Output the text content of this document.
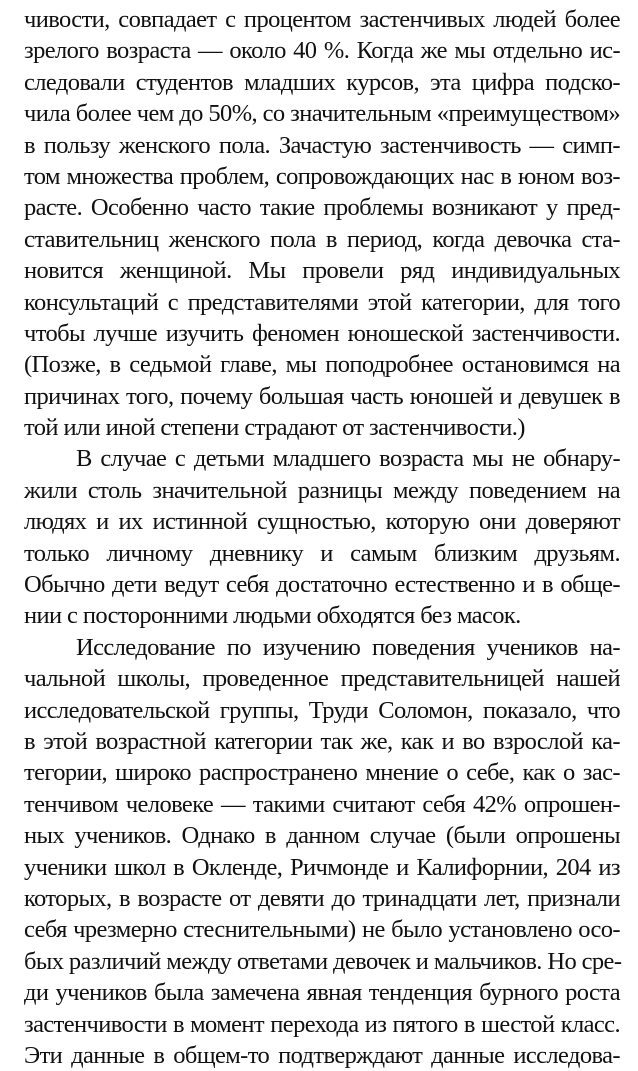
чивости, совпадает с процентом застенчивых людей более
зрелого возраста — около 40 %. Когда же мы отдельно ис-
следовали студентов младших курсов, эта цифра подско-
чила более чем до 50%, со значительным «преимуществом»
в пользу женского пола. Зачастую застенчивость — симп-
том множества проблем, сопровождающих нас в юном воз-
расте. Особенно часто такие проблемы возникают у пред-
ставительниц женского пола в период, когда девочка ста-
новится женщиной. Мы провели ряд индивидуальных
консультаций с представителями этой категории, для того
чтобы лучше изучить феномен юношеской застенчивости.
(Позже, в седьмой главе, мы поподробнее остановимся на
причинах того, почему большая часть юношей и девушек в
той или иной степени страдают от застенчивости.)
В случае с детьми младшего возраста мы не обнару-
жили столь значительной разницы между поведением на
людях и их истинной сущностью, которую они доверяют
только личному дневнику и самым близким друзьям.
Обычно дети ведут себя достаточно естественно и в обще-
нии с посторонними людьми обходятся без масок.
Исследование по изучению поведения учеников на-
чальной школы, проведенное представительницей нашей
исследовательской группы, Труди Соломон, показало, что
в этой возрастной категории так же, как и во взрослой ка-
тегории, широко распространено мнение о себе, как о зас-
тенчивом человеке — такими считают себя 42% опрошен-
ных учеников. Однако в данном случае (были опрошены
ученики школ в Окленде, Ричмонде и Калифорнии, 204 из
которых, в возрасте от девяти до тринадцати лет, признали
себя чрезмерно стеснительными) не было установлено осо-
бых различий между ответами девочек и мальчиков. Но сре-
ди учеников была замечена явная тенденция бурного роста
застенчивости в момент перехода из пятого в шестой класс.
Эти данные в общем-то подтверждают данные исследова-
